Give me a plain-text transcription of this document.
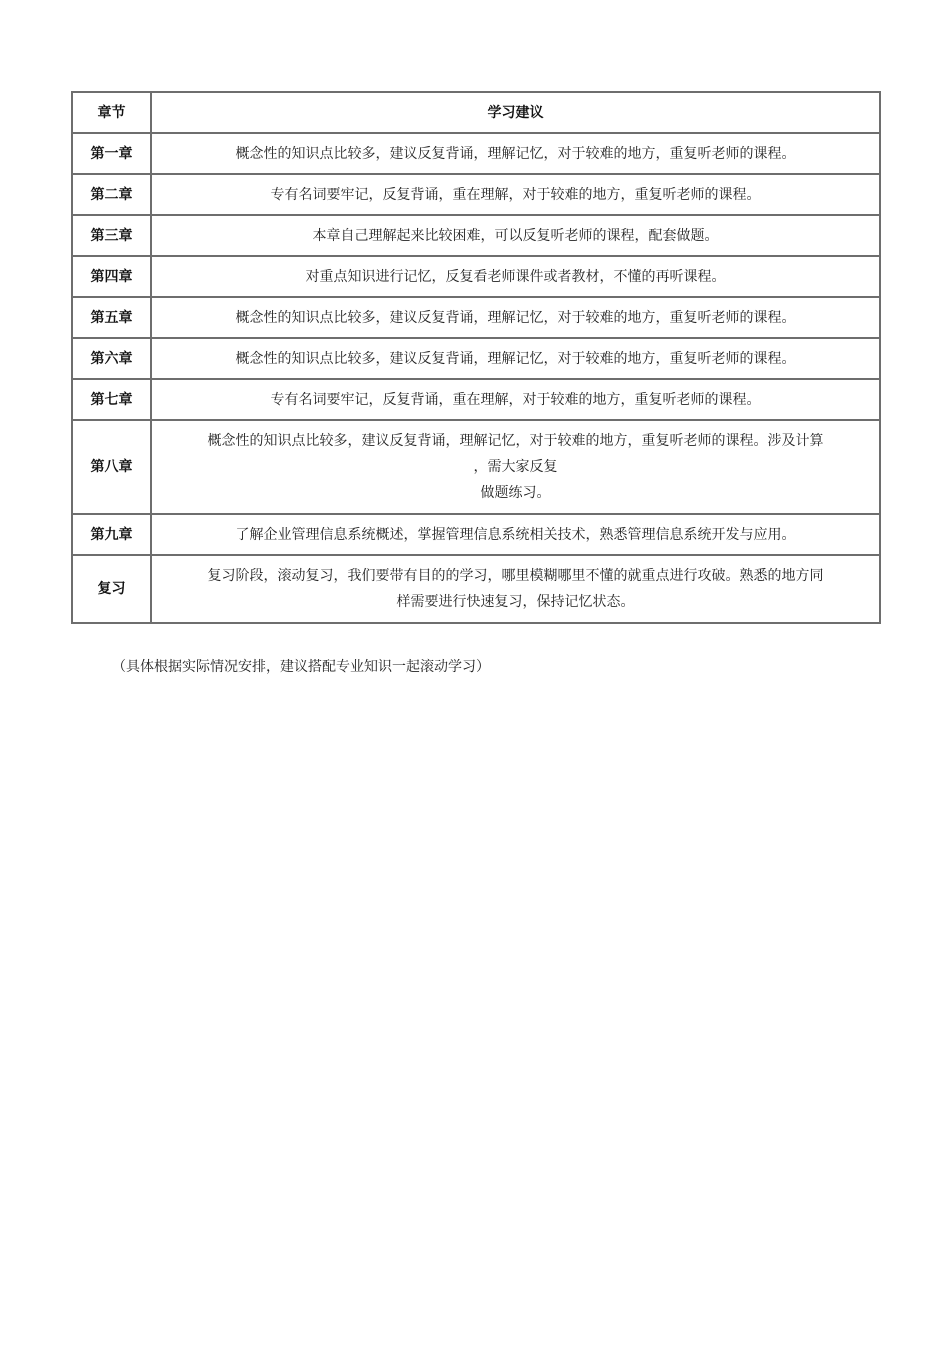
章节	学习建议
第一章	概念性的知识点比较多，建议反复背诵，理解记忆，对于较难的地方，重复听老师的课程。

第二章	专有名词要牢记，反复背诵，重在理解，对于较难的地方，重复听老师的课程。

第三章	本章自己理解起来比较困难，可以反复听老师的课程，配套做题。

第四章	对重点知识进行记忆，反复看老师课件或者教材，不懂的再听课程。

第五章	概念性的知识点比较多，建议反复背诵，理解记忆，对于较难的地方，重复听老师的课程。

第六章	概念性的知识点比较多，建议反复背诵，理解记忆，对于较难的地方，重复听老师的课程。

第七章	专有名词要牢记，反复背诵，重在理解，对于较难的地方，重复听老师的课程。

第八章	概念性的知识点比较多，建议反复背诵，理解记忆，对于较难的地方，重复听老师的课程。涉及计算
，需大家反复
做题练习。

第九章	了解企业管理信息系统概述，掌握管理信息系统相关技术，熟悉管理信息系统开发与应用。

复习	复习阶段，滚动复习，我们要带有目的的学习，哪里模糊哪里不懂的就重点进行攻破。熟悉的地方同
样需要进行快速复习，保持记忆状态。
（具体根据实际情况安排，建议搭配专业知识一起滚动学习）
